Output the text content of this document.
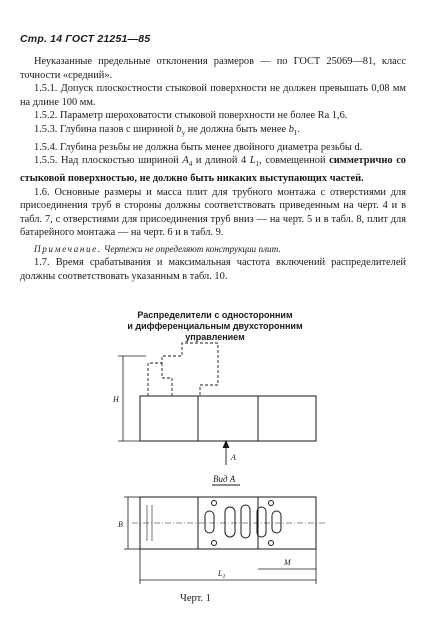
Стр. 14 ГОСТ 21251—85
Неуказанные предельные отклонения размеров — по ГОСТ 25069—81, класс точности «средний».
1.5.1. Допуск плоскостности стыковой поверхности не должен превышать 0,08 мм на длине 100 мм.
1.5.2. Параметр шероховатости стыковой поверхности не более Ra 1,6.
1.5.3. Глубина пазов с шириной $b_у$ не должна быть менее $b_1$.
1.5.4. Глубина резьбы не должна быть менее двойного диаметра резьбы d.
1.5.5. Над плоскостью шириной $A_4$ и длиной 4 $L_1$, совмещенной симметрично со стыковой поверхностью, не должно быть никаких выступающих частей.
1.6. Основные размеры и масса плит для трубного монтажа с отверстиями для присоединения труб в стороны должны соответствовать приведенным на черт. 4 и в табл. 7, с отверстиями для присоединения труб вниз — на черт. 5 и в табл. 8, плит для батарейного монтажа — на черт. 6 и в табл. 9.
Примечание. Чертежи не определяют конструкции плит.
1.7. Время срабатывания и максимальная частота включений распределителей должны соответствовать указанным в табл. 10.
Распределители с односторонним
и дифференциальным двухсторонним
управлением
H
A
Вид А
B
M
$L_1$
Черт. 1
